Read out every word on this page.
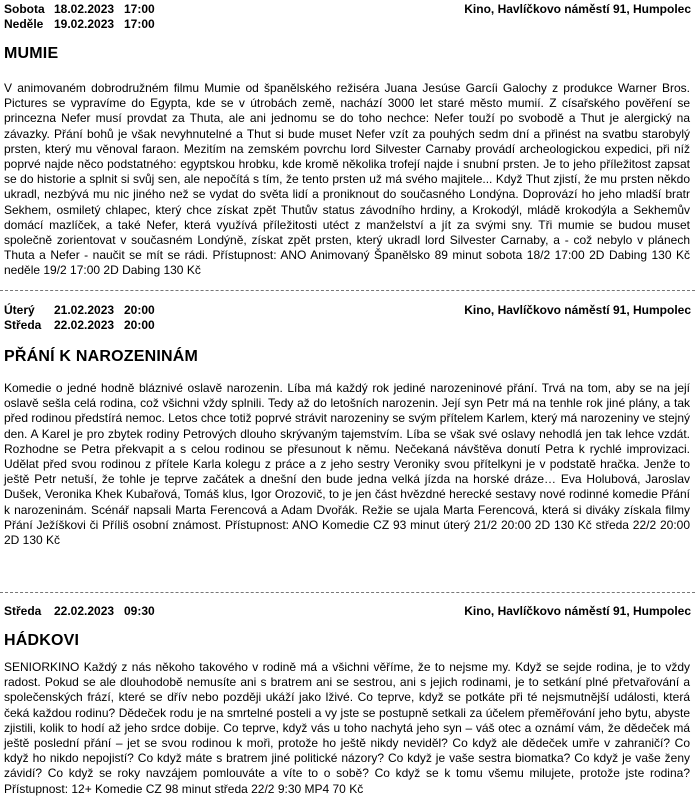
Sobota 18.02.2023 17:00
Neděle 19.02.2023 17:00
Kino, Havlíčkovo náměstí 91, Humpolec
MUMIE

V animovaném dobrodružném filmu Mumie od španělského režiséra Juana Jesúse Garcíi Galochy z produkce Warner Bros. Pictures se vypravíme do Egypta, kde se v útrobách země, nachází 3000 let staré město mumií. Z císařského pověření se princezna Nefer musí provdat za Thuta, ale ani jednomu se do toho nechce: Nefer touží po svobodě a Thut je alergický na závazky. Přání bohů je však nevyhnutelné a Thut si bude muset Nefer vzít za pouhých sedm dní a přinést na svatbu starobylý prsten, který mu věnoval faraon. Mezitím na zemském povrchu lord Silvester Carnaby provádí archeologickou expedici, při níž poprvé najde něco podstatného: egyptskou hrobku, kde kromě několika trofejí najde i snubní prsten. Je to jeho příležitost zapsat se do historie a splnit si svůj sen, ale nepočítá s tím, že tento prsten už má svého majitele... Když Thut zjistí, že mu prsten někdo ukradl, nezbývá mu nic jiného než se vydat do světa lidí a proniknout do současného Londýna. Doprovází ho jeho mladší bratr Sekhem, osmiletý chlapec, který chce získat zpět Thutův status závodního hrdiny, a Krokodýl, mládě krokodýla a Sekhemův domácí mazlíček, a také Nefer, která využívá příležitosti utéct z manželství a jít za svými sny. Tři mumie se budou muset společně zorientovat v současném Londýně, získat zpět prsten, který ukradl lord Silvester Carnaby, a - což nebylo v plánech Thuta a Nefer - naučit se mít se rádi. Přístupnost: ANO Animovaný Španělsko 89 minut sobota 18/2 17:00 2D Dabing 130 Kč neděle 19/2 17:00 2D Dabing 130 Kč

Úterý	21.02.2023 20:00
Středa	22.02.2023 20:00
Kino, Havlíčkovo náměstí 91, Humpolec
PŘÁNÍ K NAROZENINÁM

Komedie o jedné hodně bláznivé oslavě narozenin. Líba má každý rok jediné narozeninové přání. Trvá na tom, aby se na její oslavě sešla celá rodina, což všichni vždy splnili. Tedy až do letošních narozenin. Její syn Petr má na tenhle rok jiné plány, a tak před rodinou předstírá nemoc. Letos chce totiž poprvé strávit narozeniny se svým přítelem Karlem, který má narozeniny ve stejný den. A Karel je pro zbytek rodiny Petrových dlouho skrývaným tajemstvím. Líba se však své oslavy nehodlá jen tak lehce vzdát. Rozhodne se Petra překvapit a s celou rodinou se přesunout k němu. Nečekaná návštěva donutí Petra k rychlé improvizaci. Udělat před svou rodinou z přítele Karla kolegu z práce a z jeho sestry Veroniky svou přítelkyni je v podstatě hračka. Jenže to ještě Petr netuší, že tohle je teprve začátek a dnešní den bude jedna velká jízda na horské dráze… Eva Holubová, Jaroslav Dušek, Veronika Khek Kubařová, Tomáš klus, Igor Orozovič, to je jen část hvězdné herecké sestavy nové rodinné komedie Přání k narozeninám. Scénář napsali Marta Ferencová a Adam Dvořák. Režie se ujala Marta Ferencová, která si diváky získala filmy Přání Ježíškovi či Příliš osobní známost. Přístupnost: ANO Komedie CZ 93 minut úterý 21/2 20:00 2D 130 Kč středa 22/2 20:00 2D 130 Kč

Středa	22.02.2023 09:30	Kino, Havlíčkovo náměstí 91, Humpolec
HÁDKOVI

SENIORKINO Každý z nás někoho takového v rodině má a všichni věříme, že to nejsme my. Když se sejde rodina, je to vždy radost. Pokud se ale dlouhodobě nemusíte ani s bratrem ani se sestrou, ani s jejich rodinami, je to setkání plné přetvařování a společenských frází, které se dřív nebo později ukáží jako lživé. Co teprve, když se potkáte při té nejsmutnější události, která čeká každou rodinu? Dědeček rodu je na smrtelné posteli a vy jste se postupně setkali za účelem přeměřování jeho bytu, abyste zjistili, kolik to hodí až jeho srdce dobije. Co teprve, když vás u toho nachytá jeho syn – váš otec a oznámí vám, že dědeček má ještě poslední přání – jet se svou rodinou k moři, protože ho ještě nikdy neviděl? Co když ale dědeček umře v zahraničí? Co když ho nikdo nepojistí? Co když máte s bratrem jiné politické názory? Co když je vaše sestra biomatka? Co když je vaše ženy závidí? Co když se roky navzájem pomlouváte a víte to o sobě? Co když se k tomu všemu milujete, protože jste rodina? Přístupnost: 12+ Komedie CZ 98 minut středa 22/2 9:30 MP4 70 Kč
